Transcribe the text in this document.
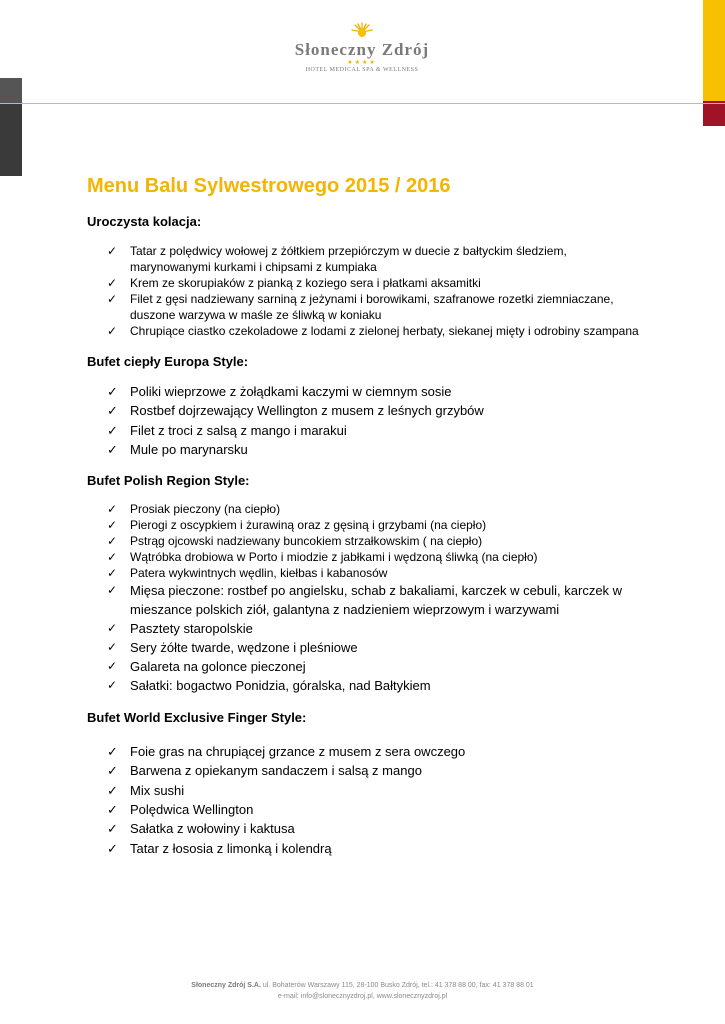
Słoneczny Zdrój
★★★★
HOTEL MEDICAL SPA & WELLNESS
Menu Balu Sylwestrowego 2015 / 2016
Uroczysta kolacja:
✓ Tatar z polędwicy wołowej z żółtkiem przepiórczym w duecie z bałtyckim śledziem, marynowanymi kurkami i chipsami z kumpiaka
✓ Krem ze skorupiaków z pianką z koziego sera i płatkami aksamitki
✓ Filet z gęsi nadziewany sarniną z jeżynami i borowikami, szafranowe rozetki ziemniaczane, duszone warzywa w maśle ze śliwką w koniaku
✓ Chrupiące ciastko czekoladowe z lodami z zielonej herbaty, siekanej mięty i odrobiny szampana
Bufet ciepły Europa Style:
✓ Poliki wieprzowe z żołądkami kaczymi w ciemnym sosie
✓ Rostbef dojrzewający Wellington z musem z leśnych grzybów
✓ Filet z troci z salsą z mango i marakui
✓ Mule po marynarsku
Bufet Polish Region Style:
✓ Prosiak pieczony (na ciepło)
✓ Pierogi z oscypkiem i żurawiną oraz z gęsiną i grzybami (na ciepło)
✓ Pstrąg ojcowski nadziewany buncokiem strzałkowskim ( na ciepło)
✓ Wątróbka drobiowa w Porto i miodzie z jabłkami i wędzoną śliwką (na ciepło)
✓ Patera wykwintnych wędlin, kiełbas i kabanosów
✓ Mięsa pieczone: rostbef po angielsku, schab z bakaliami, karczek w cebuli, karczek w mieszance polskich ziół, galantyna z nadzieniem wieprzowym i warzywami
✓ Pasztety staropolskie
✓ Sery żółte twarde, wędzone i pleśniowe
✓ Galareta na golonce pieczonej
✓ Sałatki: bogactwo Ponidzia, góralska, nad Bałtykiem
Bufet World Exclusive Finger Style:
✓ Foie gras na chrupiącej grzance z musem z sera owczego
✓ Barwena z opiekanym sandaczem i salsą z mango
✓ Mix sushi
✓ Polędwica Wellington
✓ Sałatka z wołowiny i kaktusa
✓ Tatar z łososia z limonką i kolendrą
Słoneczny Zdrój S.A. ul. Bohaterów Warszawy 115, 28-100 Busko Zdrój, tel.: 41 378 88 00, fax: 41 378 88 01
e-mail: info@slonecznyzdroj.pl, www.slonecznyzdroj.pl
